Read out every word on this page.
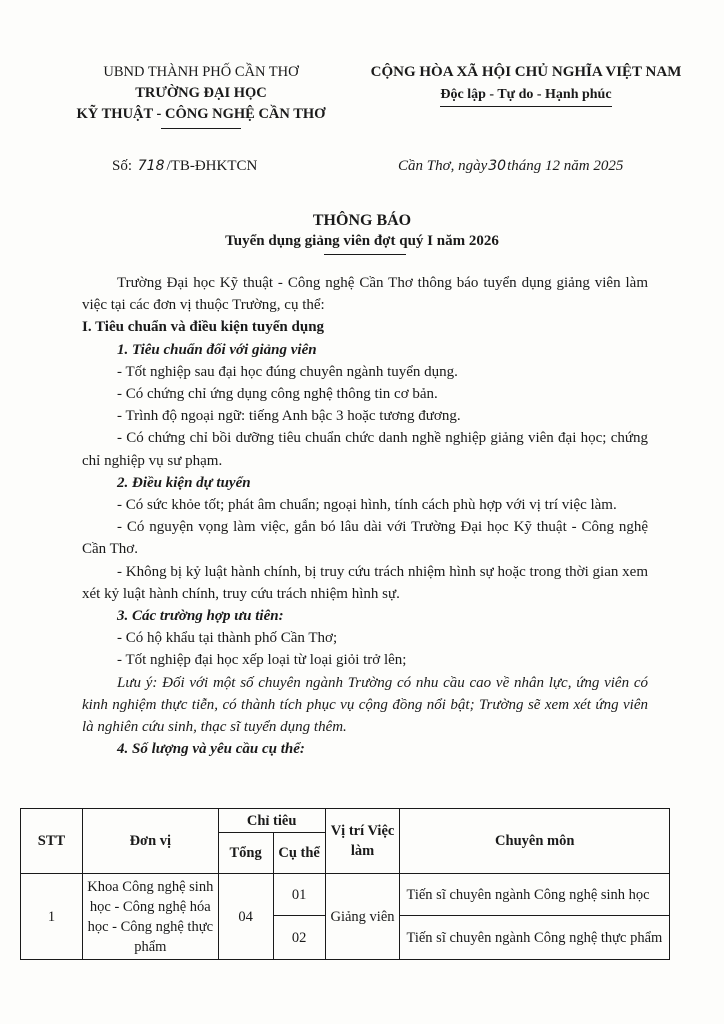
UBND THÀNH PHỐ CẦN THƠ
TRƯỜNG ĐẠI HỌC
KỸ THUẬT - CÔNG NGHỆ CẦN THƠ
CỘNG HÒA XÃ HỘI CHỦ NGHĨA VIỆT NAM
Độc lập - Tự do - Hạnh phúc
Số: 718 /TB-ĐHKTCN	Cần Thơ, ngày30tháng 12 năm 2025
THÔNG BÁO
Tuyển dụng giảng viên đợt quý I năm 2026

Trường Đại học Kỹ thuật - Công nghệ Cần Thơ thông báo tuyển dụng giảng viên làm việc tại các đơn vị thuộc Trường, cụ thể:

I. Tiêu chuẩn và điều kiện tuyển dụng

1. Tiêu chuẩn đối với giảng viên

- Tốt nghiệp sau đại học đúng chuyên ngành tuyển dụng.

- Có chứng chỉ ứng dụng công nghệ thông tin cơ bản.

- Trình độ ngoại ngữ: tiếng Anh bậc 3 hoặc tương đương.

- Có chứng chỉ bồi dưỡng tiêu chuẩn chức danh nghề nghiệp giảng viên đại học; chứng chỉ nghiệp vụ sư phạm.

2. Điều kiện dự tuyển

- Có sức khỏe tốt; phát âm chuẩn; ngoại hình, tính cách phù hợp với vị trí việc làm.

- Có nguyện vọng làm việc, gắn bó lâu dài với Trường Đại học Kỹ thuật - Công nghệ Cần Thơ.

- Không bị kỷ luật hành chính, bị truy cứu trách nhiệm hình sự hoặc trong thời gian xem xét kỷ luật hành chính, truy cứu trách nhiệm hình sự.

3. Các trường hợp ưu tiên:

- Có hộ khẩu tại thành phố Cần Thơ;

- Tốt nghiệp đại học xếp loại từ loại giỏi trở lên;

Lưu ý: Đối với một số chuyên ngành Trường có nhu cầu cao về nhân lực, ứng viên có kinh nghiệm thực tiễn, có thành tích phục vụ cộng đồng nổi bật; Trường sẽ xem xét ứng viên là nghiên cứu sinh, thạc sĩ tuyển dụng thêm.

4. Số lượng và yêu cầu cụ thể:

STT	Đơn vị	Chỉ tiêu		Vị trí Việc làm	Chuyên môn
		Tổng	Cụ thể		
1	Khoa Công nghệ sinh học - Công nghệ hóa học - Công nghệ thực phẩm	04	01	Giảng viên	Tiến sĩ chuyên ngành Công nghệ sinh học
			02		Tiến sĩ chuyên ngành Công nghệ thực phẩm
